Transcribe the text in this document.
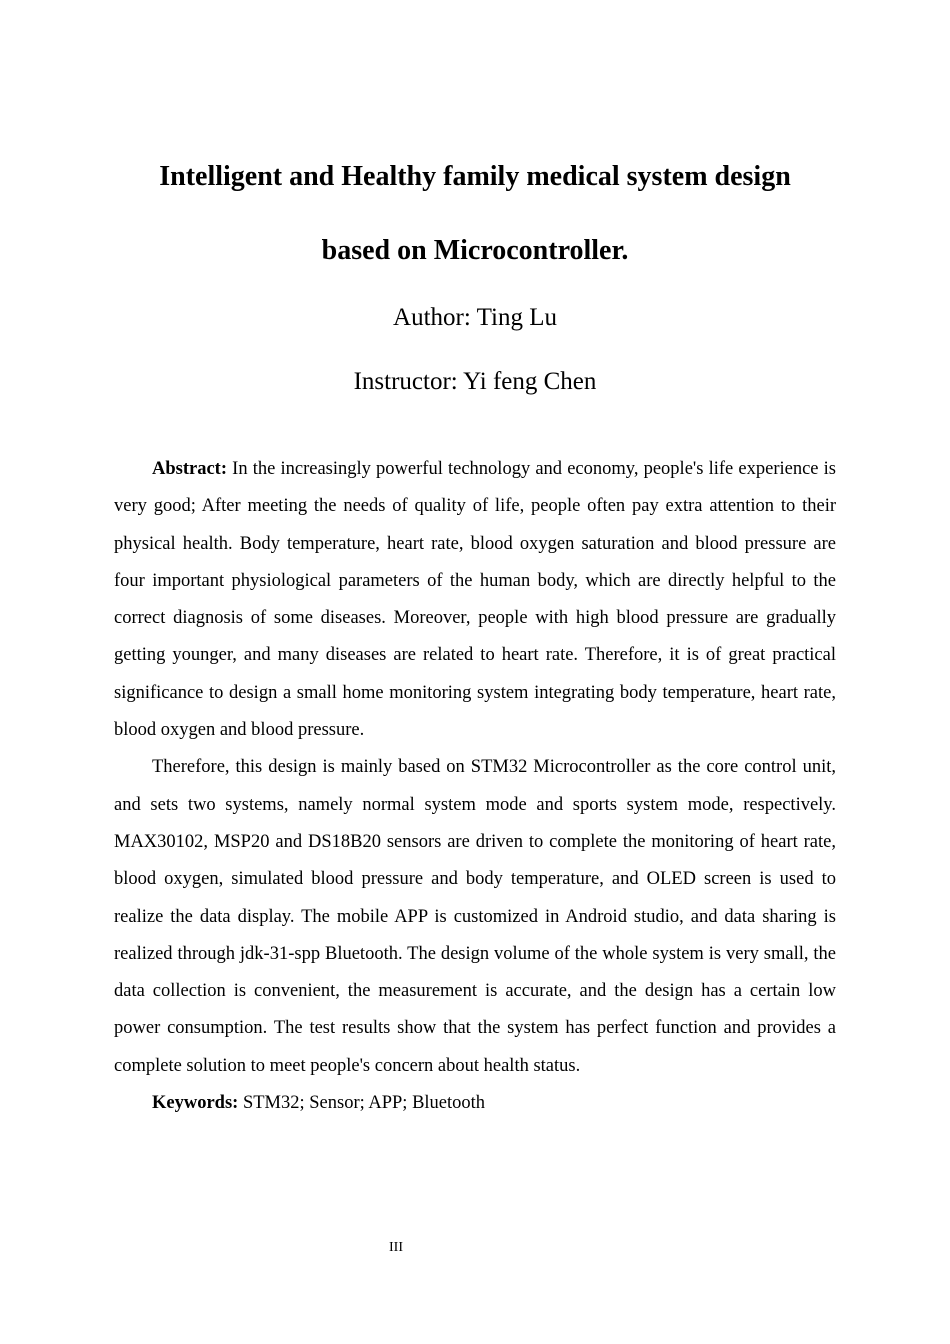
Intelligent and Healthy family medical system design
based on Microcontroller.
Author: Ting Lu
Instructor: Yi feng Chen

Abstract: In the increasingly powerful technology and economy, people's life experience is very good; After meeting the needs of quality of life, people often pay extra attention to their physical health. Body temperature, heart rate, blood oxygen saturation and blood pressure are four important physiological parameters of the human body, which are directly helpful to the correct diagnosis of some diseases. Moreover, people with high blood pressure are gradually getting younger, and many diseases are related to heart rate. Therefore, it is of great practical significance to design a small home monitoring system integrating body temperature, heart rate, blood oxygen and blood pressure.

Therefore, this design is mainly based on STM32 Microcontroller as the core control unit, and sets two systems, namely normal system mode and sports system mode, respectively. MAX30102, MSP20 and DS18B20 sensors are driven to complete the monitoring of heart rate, blood oxygen, simulated blood pressure and body temperature, and OLED screen is used to realize the data display. The mobile APP is customized in Android studio, and data sharing is realized through jdk-31-spp Bluetooth. The design volume of the whole system is very small, the data collection is convenient, the measurement is accurate, and the design has a certain low power consumption. The test results show that the system has perfect function and provides a complete solution to meet people's concern about health status.

Keywords: STM32; Sensor; APP; Bluetooth

III
